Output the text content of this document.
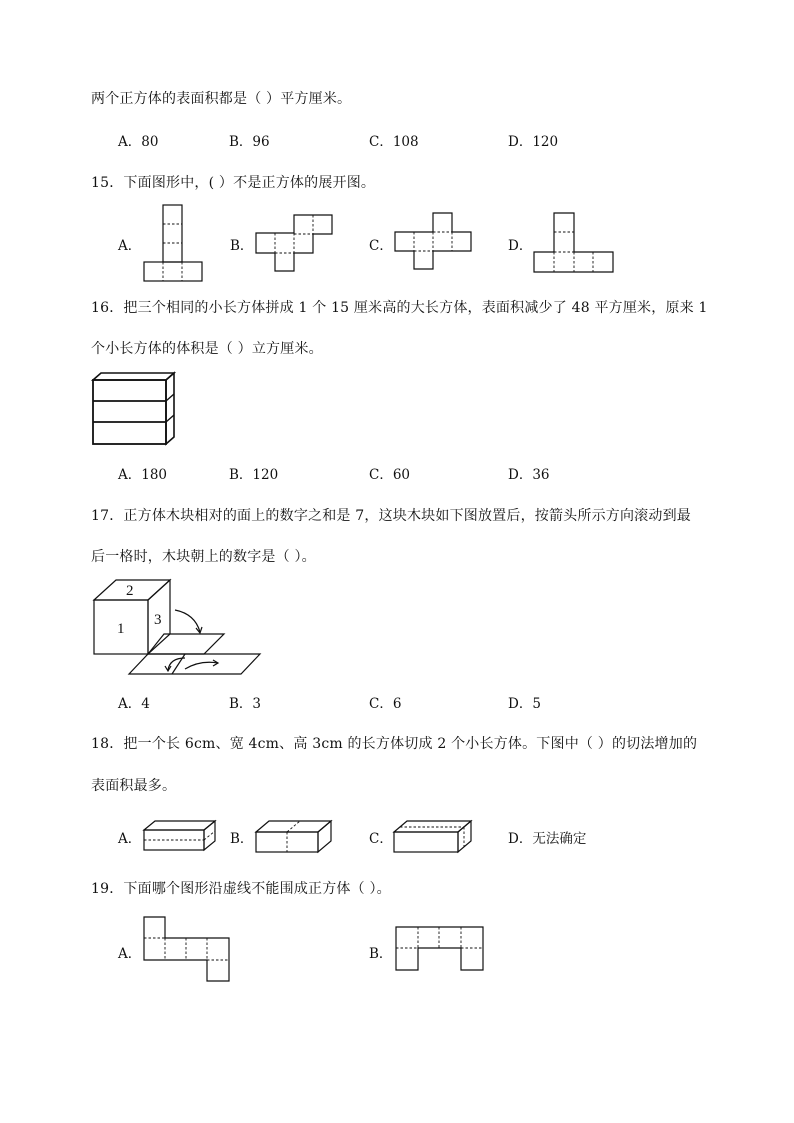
两个正方体的表面积都是（ ）平方厘米。
A．80	B．96	C．108	D．120
15．下面图形中，( ）不是正方体的展开图。
A．	B．	C．	D．
16．把三个相同的小长方体拼成 1 个 15 厘米高的大长方体，表面积减少了 48 平方厘米，原来 1
个小长方体的体积是（ ）立方厘米。
A．180	B．120	C．60	D．36
17．正方体木块相对的面上的数字之和是 7，这块木块如下图放置后，按箭头所示方向滚动到最
后一格时，木块朝上的数字是（ ）。
2
1
3
A．4	B．3	C．6	D．5
18．把一个长 6cm、宽 4cm、高 3cm 的长方体切成 2 个小长方体。下图中（ ）的切法增加的
表面积最多。
A．	B．	C．	D．无法确定
19．下面哪个图形沿虚线不能围成正方体（ ）。
A．	B．
